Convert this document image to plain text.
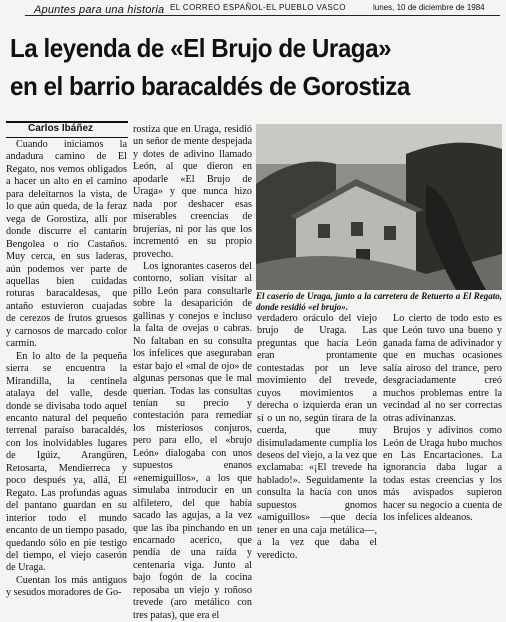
Apuntes para una historia EL CORREO ESPAÑOL-EL PUEBLO VASCO	lunes, 10 de diciembre de 1984
La leyenda de «El Brujo de Uraga»
en el barrio baracaldés de Gorostiza
Carlos Ibáñez

Cuando iniciamos la andadura camino de El Regato, nos vemos obligados a hacer un alto en el camino para deleitarnos la vista, de lo que aún queda, de la feraz vega de Gorostiza, allí por donde discurre el cantarín Bengolea o río Castaños. Muy cerca, en sus laderas, aún podemos ver parte de aquellas bien cuidadas roturas baracaldesas, que antaño estuvieron cuajadas de cerezos de frutos gruesos y carnosos de marcado color carmín.

En lo alto de la pequeña sierra se encuentra la Mirandilla, la centinela atalaya del valle, desde donde se divisaba todo aquel encanto natural del pequeño terrenal paraíso baracaldés, con los inolvidables lugares de Igúiz, Arangüren, Retosarta, Mendierreca y poco después ya, allá, El Regato. Las profundas aguas del pantano guardan en su interior todo el mundo encanto de un tiempo pasado, quedando sólo en pie testigo del tiempo, el viejo caserón de Uraga.

Cuentan los más antiguos y sesudos moradores de Go-

rostiza que en Uraga, residió un señor de mente despejada y dotes de adivino llamado León, al que dieron en apodarle «El Brujo de Uraga» y que nunca hizo nada por deshacer esas miserables creencias de brujerías, ni por las que los incrementó en su propio provecho.

Los ignorantes caseros del contorno, solían visitar al pillo León para consultarle sobre la desaparición de gallinas y conejos e incluso la falta de ovejas o cabras. No faltaban en su consulta los infelices que aseguraban estar bajo el «mal de ojo» de algunas personas que le mal querían. Todas las consultas tenían su precio y contestación para remediar los misteriosos conjuros, pero para ello, el «brujo León» dialogaba con unos supuestos enanos «enemiguillos», a los que simulaba introducir en un alfiletero, del que había sacado las agujas, a la vez que las iba pinchando en un encarnado acerico, que pendía de una raída y centenaria viga. Junto al bajo fogón de la cocina reposaba un viejo y roñoso trevede (aro metálico con tres patas), que era el

El caserío de Uraga, junto a la carretera de Retuerto a El Regato, donde residió «el brujo».

verdadero oráculo del viejo brujo de Uraga. Las preguntas que hacía León eran prontamente contestadas por un leve movimiento del trevede, cuyos movimientos a derecha o izquierda eran un sí o un no, según tirara de la cuerda, que muy disimuladamente cumplía los deseos del viejo, a la vez que exclamaba: «¡El trevede ha hablado!». Seguidamente la consulta la hacía con unos supuestos gnomos «amiguillos» —que decía tener en una caja metálica—, a la vez que daba el veredicto.

Lo cierto de todo esto es que León tuvo una bueno y ganada fama de adivinador y que en muchas ocasiones salía airoso del trance, pero desgraciadamente creó muchos problemas entre la vecindad al no ser correctas otras adivinanzas.

Brujos y adivinos como León de Uraga hubo muchos en Las Encartaciones. La ignorancia daba lugar a todas estas creencias y los más avispados supieron hacer su negocio a cuenta de los infelices aldeanos.
